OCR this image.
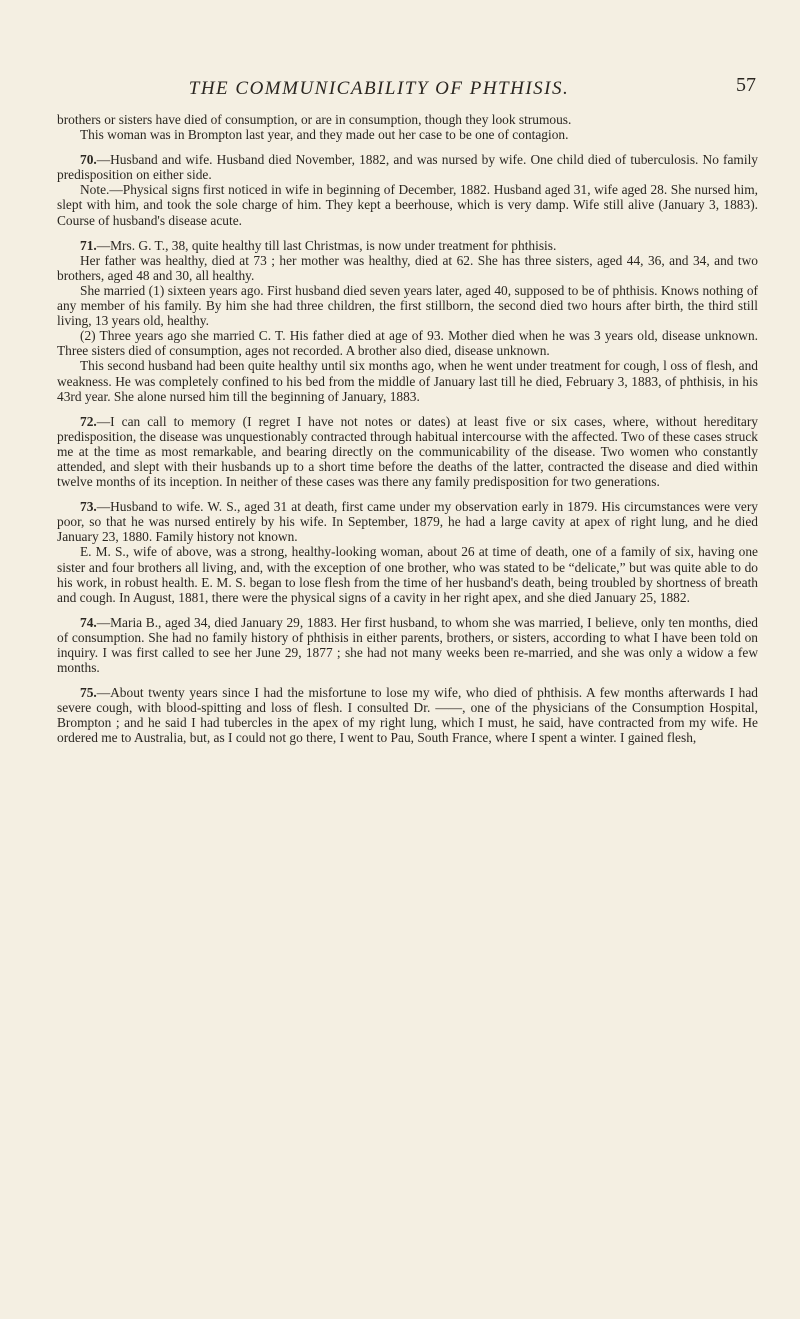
THE COMMUNICABILITY OF PHTHISIS.	57

brothers or sisters have died of consumption, or are in consumption, though they look strumous.

This woman was in Brompton last year, and they made out her case to be one of contagion.

70.—Husband and wife. Husband died November, 1882, and was nursed by wife. One child died of tuberculosis. No family predisposition on either side.

Note.—Physical signs first noticed in wife in beginning of December, 1882. Husband aged 31, wife aged 28. She nursed him, slept with him, and took the sole charge of him. They kept a beerhouse, which is very damp. Wife still alive (January 3, 1883). Course of husband's disease acute.

71.—Mrs. G. T., 38, quite healthy till last Christmas, is now under treatment for phthisis.

Her father was healthy, died at 73 ; her mother was healthy, died at 62. She has three sisters, aged 44, 36, and 34, and two brothers, aged 48 and 30, all healthy.

She married (1) sixteen years ago. First husband died seven years later, aged 40, supposed to be of phthisis. Knows nothing of any member of his family. By him she had three children, the first stillborn, the second died two hours after birth, the third still living, 13 years old, healthy.

(2) Three years ago she married C. T. His father died at age of 93. Mother died when he was 3 years old, disease unknown. Three sisters died of consumption, ages not recorded. A brother also died, disease unknown.

This second husband had been quite healthy until six months ago, when he went under treatment for cough, l oss of flesh, and weakness. He was completely confined to his bed from the middle of January last till he died, February 3, 1883, of phthisis, in his 43rd year. She alone nursed him till the beginning of January, 1883.

72.—I can call to memory (I regret I have not notes or dates) at least five or six cases, where, without hereditary predisposition, the disease was unquestionably contracted through habitual intercourse with the affected. Two of these cases struck me at the time as most remarkable, and bearing directly on the communicability of the disease. Two women who constantly attended, and slept with their husbands up to a short time before the deaths of the latter, contracted the disease and died within twelve months of its inception. In neither of these cases was there any family predisposition for two generations.

73.—Husband to wife. W. S., aged 31 at death, first came under my observation early in 1879. His circumstances were very poor, so that he was nursed entirely by his wife. In September, 1879, he had a large cavity at apex of right lung, and he died January 23, 1880. Family history not known.

E. M. S., wife of above, was a strong, healthy-looking woman, about 26 at time of death, one of a family of six, having one sister and four brothers all living, and, with the exception of one brother, who was stated to be “delicate,” but was quite able to do his work, in robust health. E. M. S. began to lose flesh from the time of her husband's death, being troubled by shortness of breath and cough. In August, 1881, there were the physical signs of a cavity in her right apex, and she died January 25, 1882.

74.—Maria B., aged 34, died January 29, 1883. Her first husband, to whom she was married, I believe, only ten months, died of consumption. She had no family history of phthisis in either parents, brothers, or sisters, according to what I have been told on inquiry. I was first called to see her June 29, 1877 ; she had not many weeks been re-married, and she was only a widow a few months.

75.—About twenty years since I had the misfortune to lose my wife, who died of phthisis. A few months afterwards I had severe cough, with blood-spitting and loss of flesh. I consulted Dr. ——, one of the physicians of the Consumption Hospital, Brompton ; and he said I had tubercles in the apex of my right lung, which I must, he said, have contracted from my wife. He ordered me to Australia, but, as I could not go there, I went to Pau, South France, where I spent a winter. I gained flesh,
